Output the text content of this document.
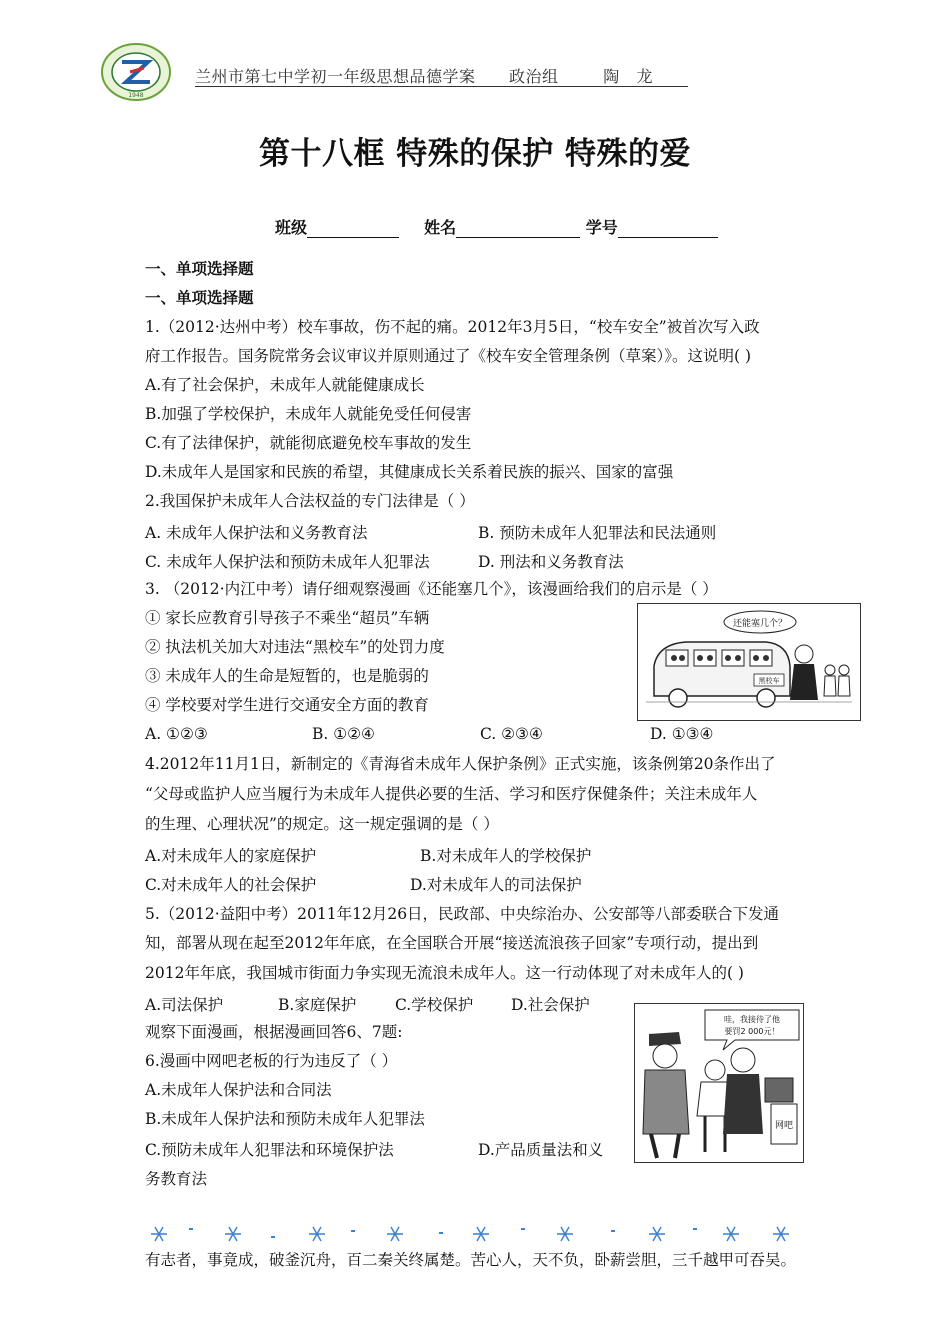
1948
兰州市第七中学初一年级思想品德学案      政治组        陶   龙
第十八框 特殊的保护 特殊的爱
班级	姓名	学号
一、单项选择题
一、单项选择题
1.（2012·达州中考）校车事故，伤不起的痛。2012年3月5日，“校车安全”被首次写入政
府工作报告。国务院常务会议审议并原则通过了《校车安全管理条例（草案）》。这说明( )
A.有了社会保护，未成年人就能健康成长
B.加强了学校保护，未成年人就能免受任何侵害
C.有了法律保护，就能彻底避免校车事故的发生
D.未成年人是国家和民族的希望，其健康成长关系着民族的振兴、国家的富强
2.我国保护未成年人合法权益的专门法律是（ ）
A. 未成年人保护法和义务教育法	B. 预防未成年人犯罪法和民法通则
C. 未成年人保护法和预防未成年人犯罪法	D. 刑法和义务教育法
3. （2012·内江中考）请仔细观察漫画《还能塞几个》，该漫画给我们的启示是（ ）
① 家长应教育引导孩子不乘坐“超员”车辆
② 执法机关加大对违法“黑校车”的处罚力度
③ 未成年人的生命是短暂的，也是脆弱的
④ 学校要对学生进行交通安全方面的教育
A. ①②③	B. ①②④	C. ②③④	D. ①③④
还能塞几个？
黑校车
4.2012年11月1日，新制定的《青海省未成年人保护条例》正式实施，该条例第20条作出了
“父母或监护人应当履行为未成年人提供必要的生活、学习和医疗保健条件；关注未成年人
的生理、心理状况”的规定。这一规定强调的是（ ）
A.对未成年人的家庭保护	B.对未成年人的学校保护
C.对未成年人的社会保护	D.对未成年人的司法保护
5.（2012·益阳中考）2011年12月26日，民政部、中央综治办、公安部等八部委联合下发通
知，部署从现在起至2012年年底，在全国联合开展“接送流浪孩子回家”专项行动，提出到
2012年年底，我国城市街面力争实现无流浪未成年人。这一行动体现了对未成年人的( )
A.司法保护	B.家庭保护 C.学校保护 D.社会保护
观察下面漫画，根据漫画回答6、7题:
6.漫画中网吧老板的行为违反了（ ）
A.未成年人保护法和合同法
B.未成年人保护法和预防未成年人犯罪法
C.预防未成年人犯罪法和环境保护法	D.产品质量法和义
务教育法
哇，我接待了他
要罚2 000元！
网吧
有志者，事竟成，破釜沉舟，百二秦关终属楚。苦心人，天不负，卧薪尝胆，三千越甲可吞吴。
